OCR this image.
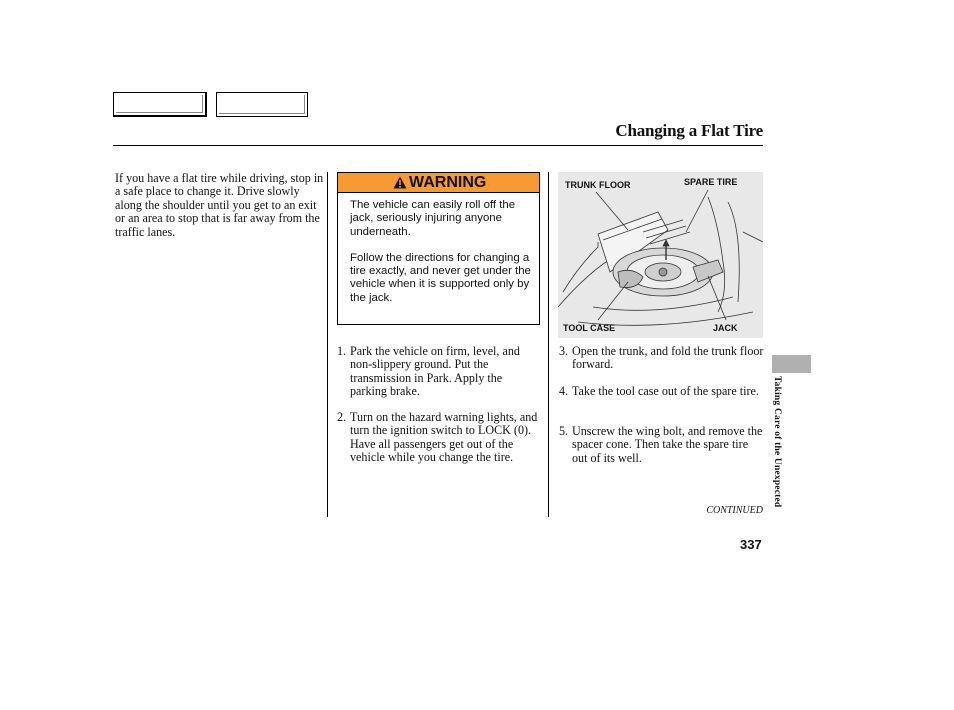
Changing a Flat Tire
If you have a flat tire while driving, stop in a safe place to change it. Drive slowly along the shoulder until you get to an exit or an area to stop that is far away from the traffic lanes.
WARNING

The vehicle can easily roll off the jack, seriously injuring anyone underneath.

Follow the directions for changing a tire exactly, and never get under the vehicle when it is supported only by the jack.

TRUNK FLOOR	SPARE TIRE
TOOL CASE	JACK
1. Park the vehicle on firm, level, and non-slippery ground. Put the transmission in Park. Apply the parking brake.
2. Turn on the hazard warning lights, and turn the ignition switch to LOCK (0). Have all passengers get out of the vehicle while you change the tire.
3. Open the trunk, and fold the trunk floor forward.
4. Take the tool case out of the spare tire.
5. Unscrew the wing bolt, and remove the spacer cone. Then take the spare tire out of its well.
CONTINUED
337
Taking Care of the Unexpected
